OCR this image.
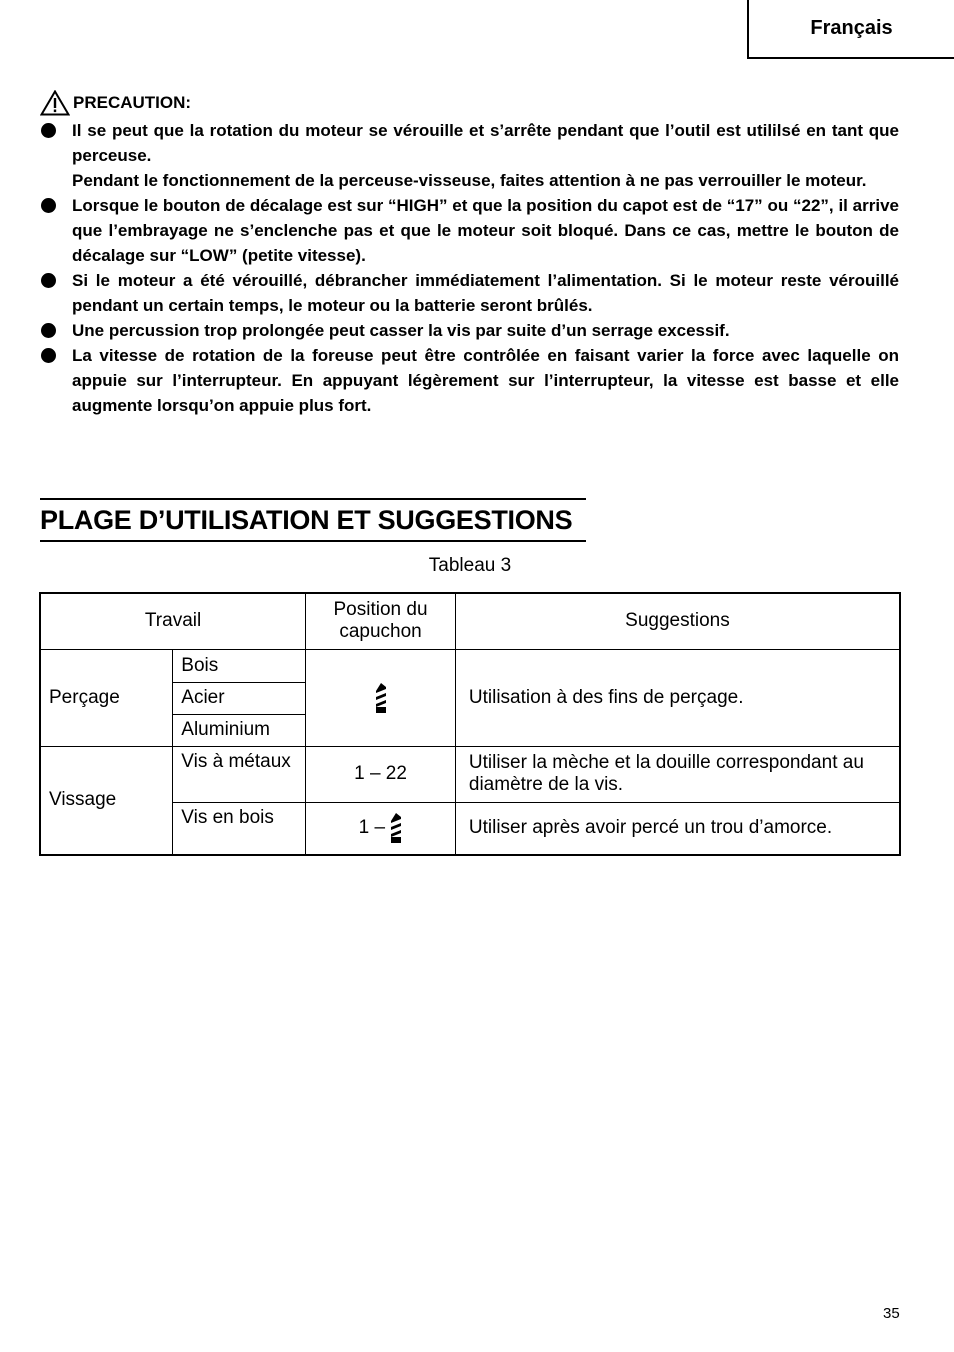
Français
PRECAUTION:
Il se peut que la rotation du moteur se vérouille et s’arrête pendant que l’outil est utililsé en tant que perceuse.
Pendant le fonctionnement de la perceuse-visseuse, faites attention à ne pas verrouiller le moteur.
Lorsque le bouton de décalage est sur “HIGH” et que la position du capot est de “17” ou “22”, il arrive que l’embrayage ne s’enclenche pas et que le moteur soit bloqué. Dans ce cas, mettre le bouton de décalage sur “LOW” (petite vitesse).
Si le moteur a été vérouillé, débrancher immédiatement l’alimentation. Si le moteur reste vérouillé pendant un certain temps, le moteur ou la batterie seront brûlés.
Une percussion trop prolongée peut casser la vis par suite d’un serrage excessif.
La vitesse de rotation de la foreuse peut être contrôlée en faisant varier la force avec laquelle on appuie sur l’interrupteur. En appuyant légèrement sur l’interrupteur, la vitesse est basse et elle augmente lorsqu’on appuie plus fort.
PLAGE D’UTILISATION ET SUGGESTIONS
Tableau 3
Travail		Position du capuchon	Suggestions
Perçage	Bois		Utilisation à des fins de perçage.
	Acier		
	Aluminium		
Vissage	Vis à métaux	1 – 22	Utiliser la mèche et la douille correspondant au diamètre de la vis.
	Vis en bois	1 –	Utiliser après avoir percé un trou d’amorce.
35
